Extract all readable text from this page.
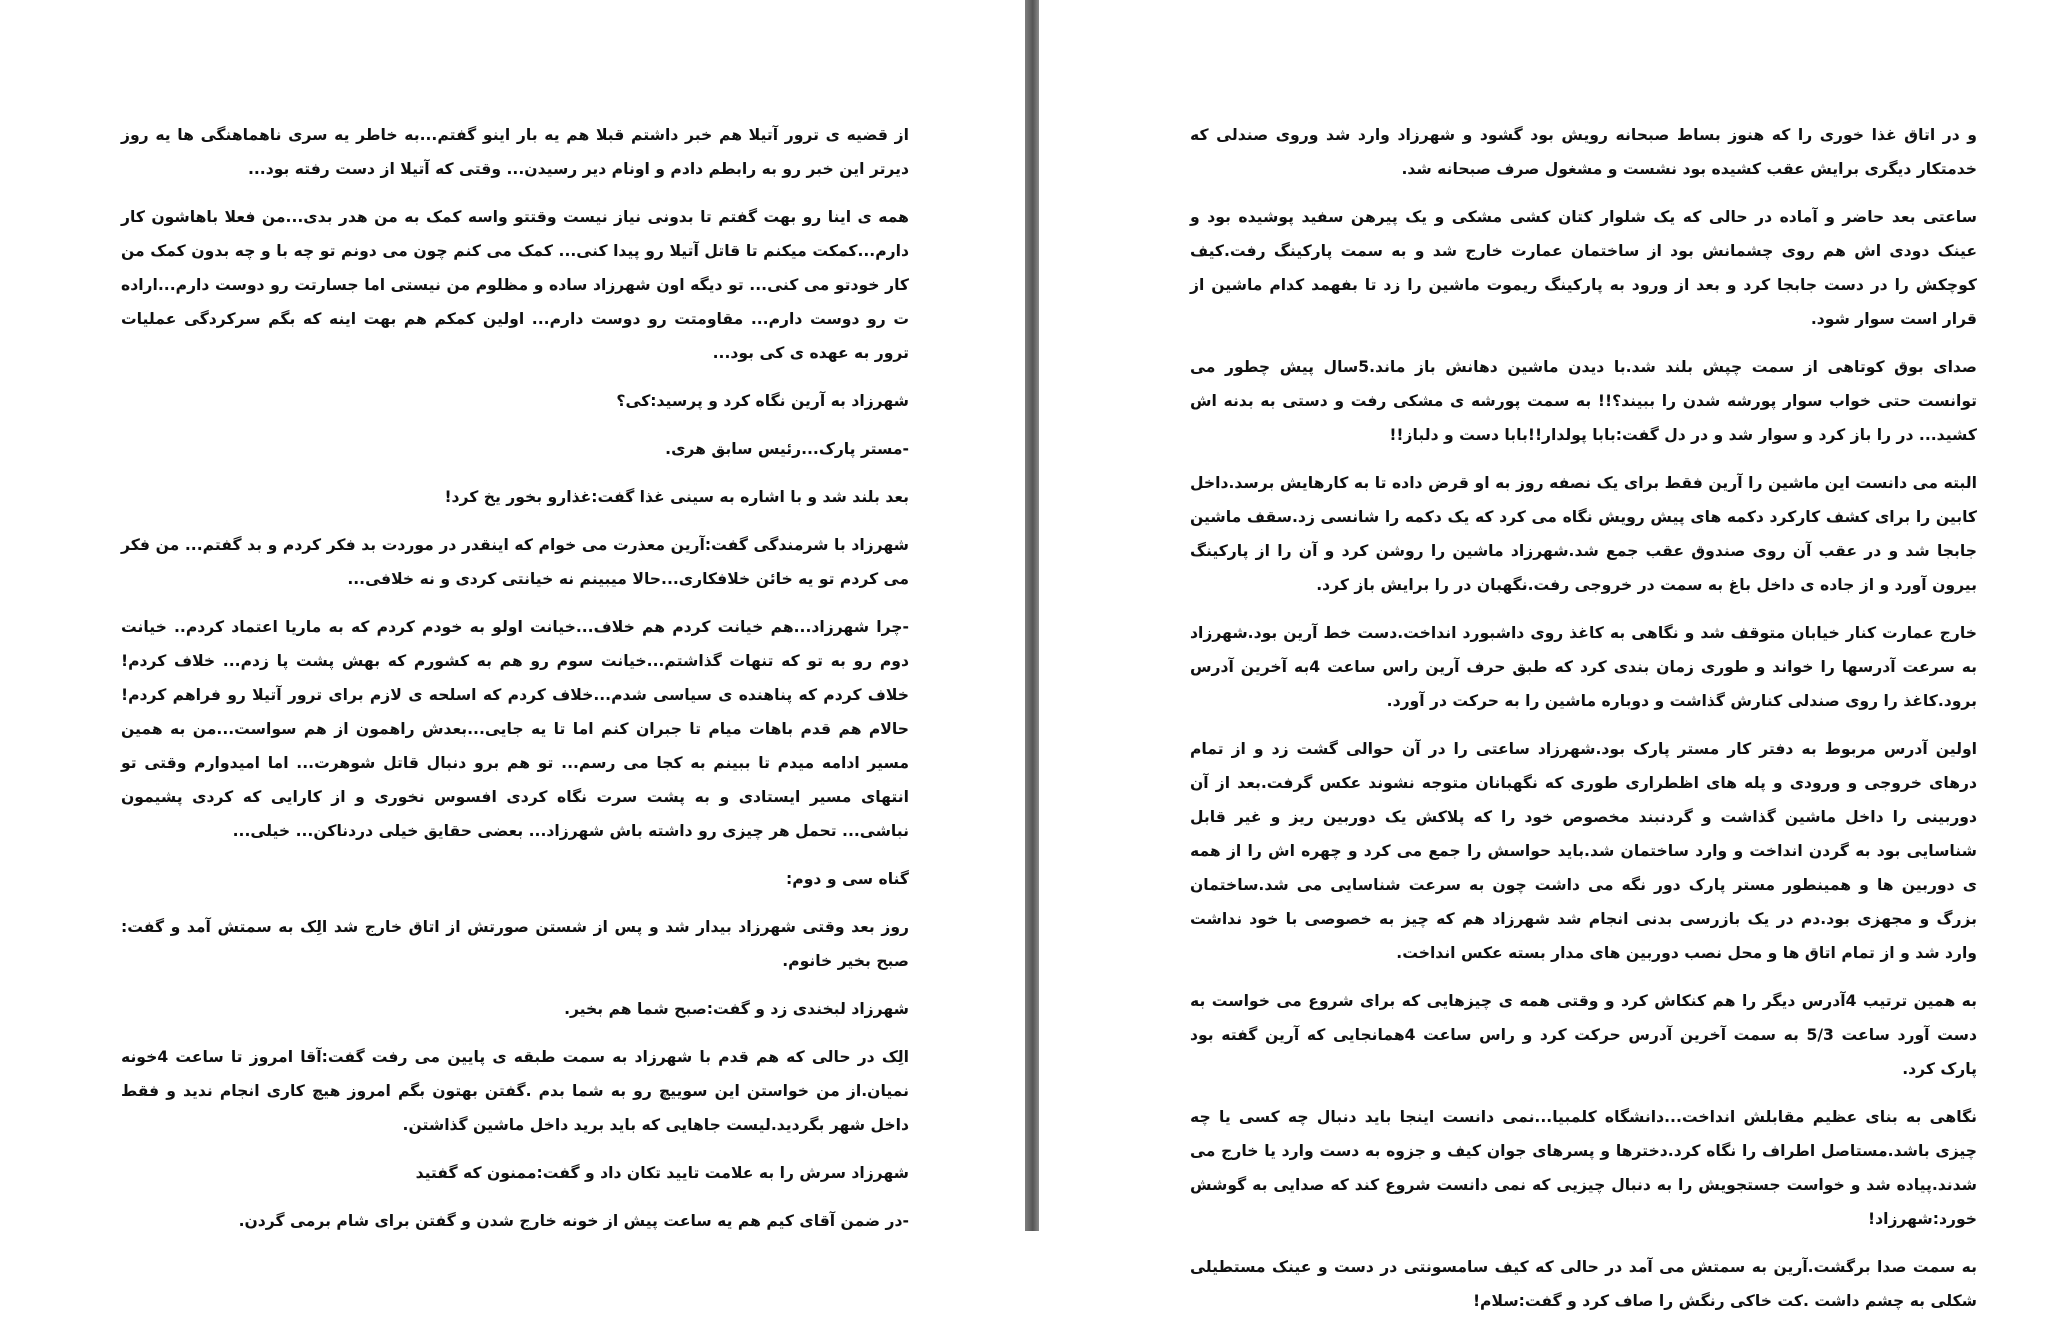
از قضیه ی ترور آتیلا هم خبر داشتم قبلا هم یه بار اینو گفتم...به خاطر یه سری ناهماهنگی ها یه روز دیرتر این خبر رو به رابطم دادم و اونام دیر رسیدن... وقتی که آتیلا از دست رفته بود...

همه ی اینا رو بهت گفتم تا بدونی نیاز نیست وقتتو واسه کمک به من هدر بدی...من فعلا باهاشون کار دارم...کمکت میکنم تا قاتل آتیلا رو پیدا کنی... کمک می کنم چون می دونم تو چه با و چه بدون کمک من کار خودتو می کنی... تو دیگه اون شهرزاد ساده و مظلوم من نیستی اما جسارتت رو دوست دارم...اراده ت رو دوست دارم... مقاومتت رو دوست دارم... اولین کمکم هم بهت اینه که بگم سرکردگی عملیات ترور به عهده ی کی بود...

شهرزاد به آرین نگاه کرد و پرسید:کی؟

-مستر پارک...رئیس سابق هری.

بعد بلند شد و با اشاره به سینی غذا گفت:غذارو بخور یخ کرد!

شهرزاد با شرمندگی گفت:آرین معذرت می خوام که اینقدر در موردت بد فکر کردم و بد گفتم... من فکر می کردم تو یه خائن خلافکاری...حالا میبینم نه خیانتی کردی و نه خلافی...

-چرا شهرزاد...هم خیانت کردم هم خلاف...خیانت اولو به خودم کردم که به ماریا اعتماد کردم.. خیانت دوم رو به تو که تنهات گذاشتم...خیانت سوم رو هم به کشورم که بهش پشت پا زدم... خلاف کردم!خلاف کردم که پناهنده ی سیاسی شدم...خلاف کردم که اسلحه ی لازم برای ترور آتیلا رو فراهم کردم!حالام هم قدم باهات میام تا جبران کنم اما تا یه جایی...بعدش راهمون از هم سواست...من به همین مسیر ادامه میدم تا ببینم به کجا می رسم... تو هم برو دنبال قاتل شوهرت... اما امیدوارم وقتی تو انتهای مسیر ایستادی و به پشت سرت نگاه کردی افسوس نخوری و از کارایی که کردی پشیمون نباشی... تحمل هر چیزی رو داشته باش شهرزاد... بعضی حقایق خیلی دردناکن... خیلی...

گناه سی و دوم:

روز بعد وقتی شهرزاد بیدار شد و پس از شستن صورتش از اتاق خارج شد الِک به سمتش آمد و گفت: صبح بخیر خانوم.

شهرزاد لبخندی زد و گفت:صبح شما هم بخیر.

الِک در حالی که هم قدم با شهرزاد به سمت طبقه ی پایین می رفت گفت:آقا امروز تا ساعت 4خونه نمیان.از من خواستن این سوییچ رو به شما بدم .گفتن بهتون بگم امروز هیچ کاری انجام ندید و فقط داخل شهر بگردید.لیست جاهایی که باید برید داخل ماشین گذاشتن.

شهرزاد سرش را به علامت تایید تکان داد و گفت:ممنون که گفتید

-در ضمن آقای کیم هم یه ساعت پیش از خونه خارج شدن و گفتن برای شام برمی گردن.

و در اتاق غذا خوری را که هنوز بساط صبحانه رویش بود گشود و شهرزاد وارد شد وروی صندلی که خدمتکار دیگری برایش عقب کشیده بود نشست و مشغول صرف صبحانه شد.

ساعتی بعد حاضر و آماده در حالی که یک شلوار کتان کشی مشکی و یک پیرهن سفید پوشیده بود و عینک دودی اش هم روی چشمانش بود از ساختمان عمارت خارج شد و به سمت پارکینگ رفت.کیف کوچکش را در دست جابجا کرد و بعد از ورود به پارکینگ ریموت ماشین را زد تا بفهمد کدام ماشین از قرار است سوار شود.

صدای بوق کوتاهی از سمت چپش بلند شد.با دیدن ماشین دهانش باز ماند.5سال پیش چطور می توانست حتی خواب سوار پورشه شدن را ببیند؟!! به سمت پورشه ی مشکی رفت و دستی به بدنه اش کشید... در را باز کرد و سوار شد و در دل گفت:بابا پولدار!!بابا دست و دلباز!!

البته می دانست این ماشین را آرین فقط برای یک نصفه روز به او قرض داده تا به کارهایش برسد.داخل کابین را برای کشف کارکرد دکمه های پیش رویش نگاه می کرد که یک دکمه را شانسی زد.سقف ماشین جابجا شد و در عقب آن روی صندوق عقب جمع شد.شهرزاد ماشین را روشن کرد و آن را از پارکینگ بیرون آورد و از جاده ی داخل باغ به سمت در خروجی رفت.نگهبان در را برایش باز کرد.

خارج عمارت کنار خیابان متوقف شد و نگاهی به کاغذ روی داشبورد انداخت.دست خط آرین بود.شهرزاد به سرعت آدرسها را خواند و طوری زمان بندی کرد که طبق حرف آرین راس ساعت 4به آخرین آدرس برود.کاغذ را روی صندلی کنارش گذاشت و دوباره ماشین را به حرکت در آورد.

اولین آدرس مربوط به دفتر کار مستر پارک بود.شهرزاد ساعتی را در آن حوالی گشت زد و از تمام درهای خروجی و ورودی و پله های اظطراری طوری که نگهبانان متوجه نشوند عکس گرفت.بعد از آن دوربینی را داخل ماشین گذاشت و گردنبند مخصوص خود را که پلاکش یک دوربین ریز و غیر قابل شناسایی بود به گردن انداخت و وارد ساختمان شد.باید حواسش را جمع می کرد و چهره اش را از همه ی دوربین ها و همینطور مستر پارک دور نگه می داشت چون به سرعت شناسایی می شد.ساختمان بزرگ و مجهزی بود.دم در یک بازرسی بدنی انجام شد شهرزاد هم که چیز به خصوصی با خود نداشت وارد شد و از تمام اتاق ها و محل نصب دوربین های مدار بسته عکس انداخت.

به همین ترتیب 4آدرس دیگر را هم کنکاش کرد و وقتی همه ی چیزهایی که برای شروع می خواست به دست آورد ساعت 5/3 به سمت آخرین آدرس حرکت کرد و راس ساعت 4همانجایی که آرین گفته بود پارک کرد.

نگاهی به بنای عظیم مقابلش انداخت...دانشگاه کلمبیا...نمی دانست اینجا باید دنبال چه کسی یا چه چیزی باشد.مستاصل اطراف را نگاه کرد.دخترها و پسرهای جوان کیف و جزوه به دست وارد یا خارج می شدند.پیاده شد و خواست جستجویش را به دنبال چیزیی که نمی دانست شروع کند که صدایی به گوشش خورد:شهرزاد!

به سمت صدا برگشت.آرین به سمتش می آمد در حالی که کیف سامسونتی در دست و عینک مستطیلی شکلی به چشم داشت .کت خاکی رنگش را صاف کرد و گفت:سلام!
